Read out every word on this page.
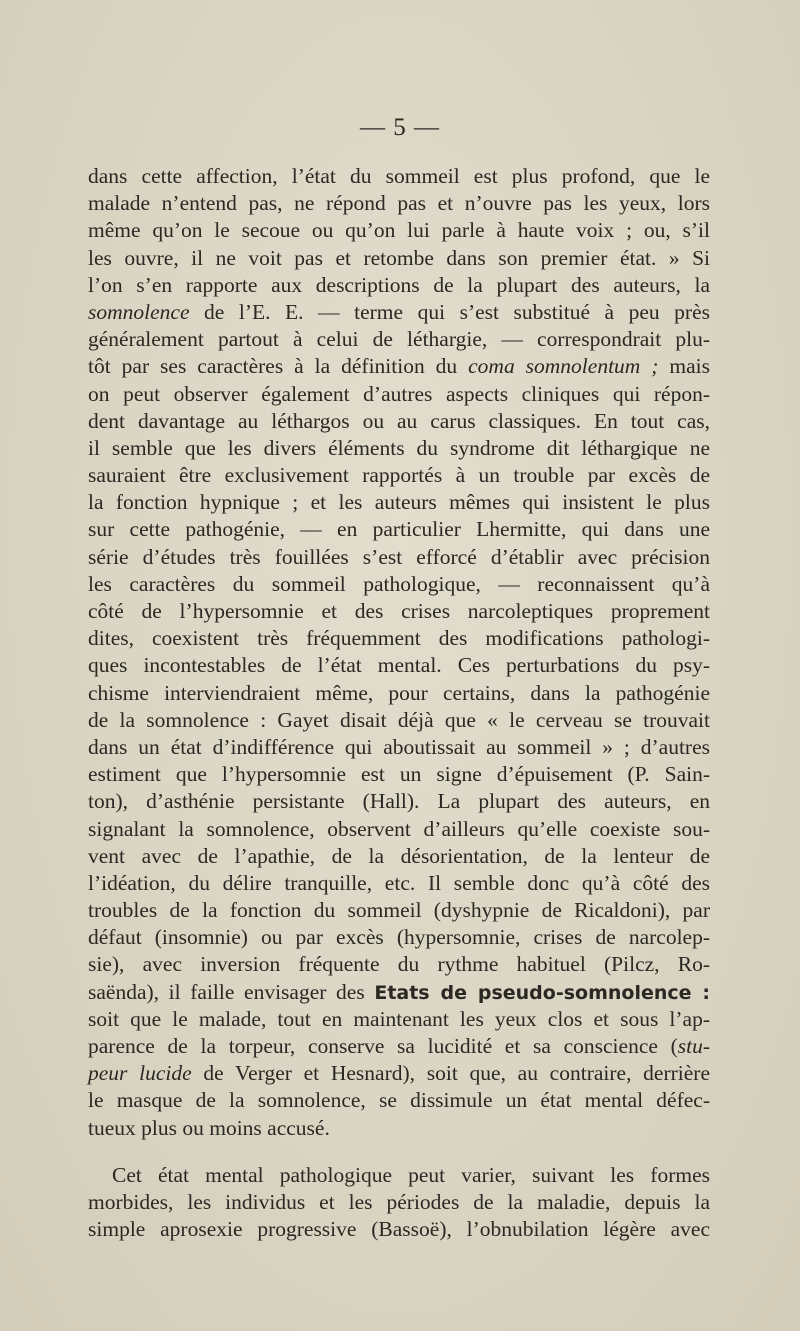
— 5 —
dans cette affection, l’état du sommeil est plus profond, que le
malade n’entend pas, ne répond pas et n’ouvre pas les yeux, lors
même qu’on le secoue ou qu’on lui parle à haute voix ; ou, s’il
les ouvre, il ne voit pas et retombe dans son premier état. » Si
l’on s’en rapporte aux descriptions de la plupart des auteurs, la
somnolence de l’E. E. — terme qui s’est substitué à peu près
généralement partout à celui de léthargie, — correspondrait plu-
tôt par ses caractères à la définition du coma somnolentum ; mais
on peut observer également d’autres aspects cliniques qui répon-
dent davantage au léthargos ou au carus classiques. En tout cas,
il semble que les divers éléments du syndrome dit léthargique ne
sauraient être exclusivement rapportés à un trouble par excès de
la fonction hypnique ; et les auteurs mêmes qui insistent le plus
sur cette pathogénie, — en particulier Lhermitte, qui dans une
série d’études très fouillées s’est efforcé d’établir avec précision
les caractères du sommeil pathologique, — reconnaissent qu’à
côté de l’hypersomnie et des crises narcoleptiques proprement
dites, coexistent très fréquemment des modifications pathologi-
ques incontestables de l’état mental. Ces perturbations du psy-
chisme interviendraient même, pour certains, dans la pathogénie
de la somnolence : Gayet disait déjà que « le cerveau se trouvait
dans un état d’indifférence qui aboutissait au sommeil » ; d’autres
estiment que l’hypersomnie est un signe d’épuisement (P. Sain-
ton), d’asthénie persistante (Hall). La plupart des auteurs, en
signalant la somnolence, observent d’ailleurs qu’elle coexiste sou-
vent avec de l’apathie, de la désorientation, de la lenteur de
l’idéation, du délire tranquille, etc. Il semble donc qu’à côté des
troubles de la fonction du sommeil (dyshypnie de Ricaldoni), par
défaut (insomnie) ou par excès (hypersomnie, crises de narcolep-
sie), avec inversion fréquente du rythme habituel (Pilcz, Ro-
saënda), il faille envisager des Etats de pseudo-somnolence :
soit que le malade, tout en maintenant les yeux clos et sous l’ap-
parence de la torpeur, conserve sa lucidité et sa conscience (stu-
peur lucide de Verger et Hesnard), soit que, au contraire, derrière
le masque de la somnolence, se dissimule un état mental défec-
tueux plus ou moins accusé.
Cet état mental pathologique peut varier, suivant les formes
morbides, les individus et les périodes de la maladie, depuis la
simple aprosexie progressive (Bassoë), l’obnubilation légère avec
